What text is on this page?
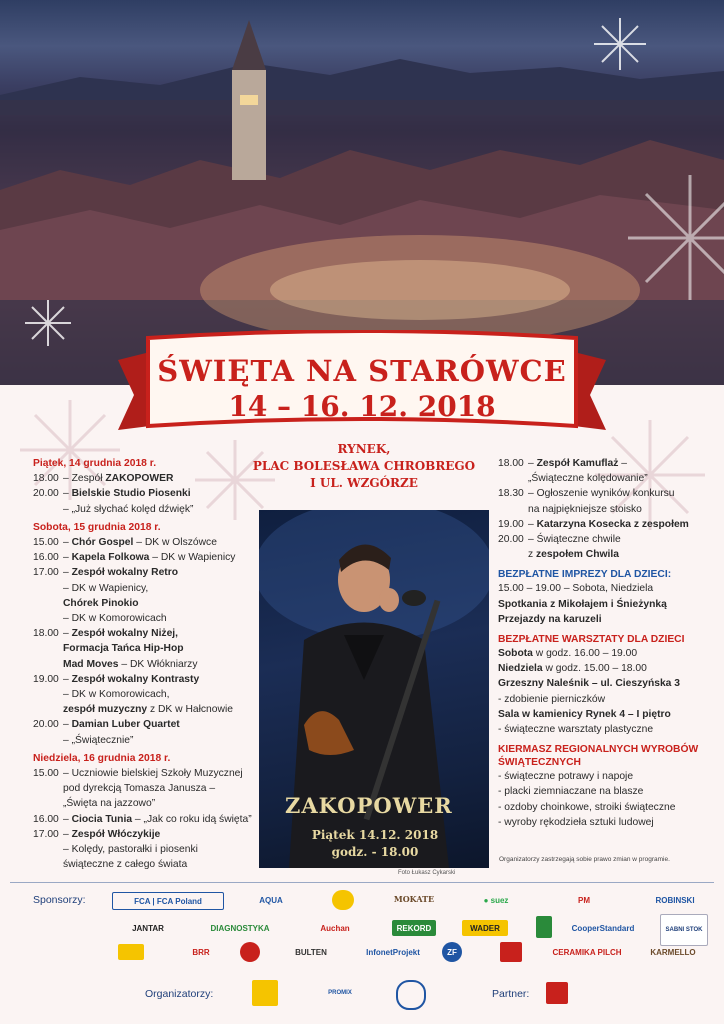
ŚWIĘTA NA STARÓWCE
14 – 16. 12. 2018
RYNEK,
PLAC BOLESŁAWA CHROBREGO
I UL. WZGÓRZE
Piątek, 14 grudnia 2018 r.
18.00 – Zespół ZAKOPOWER
20.00 – Bielskie Studio Piosenki
– „Już słychać kolęd dźwięk”
Sobota, 15 grudnia 2018 r.
15.00 – Chór Gospel – DK w Olszówce
16.00 – Kapela Folkowa – DK w Wapienicy
17.00 – Zespół wokalny Retro
– DK w Wapienicy,
Chórek Pinokio
– DK w Komorowicach
18.00 – Zespół wokalny Niżej,
Formacja Tańca Hip-Hop
Mad Moves – DK Włókniarzy
19.00 – Zespół wokalny Kontrasty
– DK w Komorowicach,
zespół muzyczny z DK w Hałcnowie
20.00 – Damian Luber Quartet
– „Świątecznie”
Niedziela, 16 grudnia 2018 r.
15.00 – Uczniowie bielskiej Szkoły Muzycznej
pod dyrekcją Tomasza Janusza –
„Święta na jazzowo”
16.00 – Ciocia Tunia – „Jak co roku idą święta”
17.00 – Zespół Włóczykije
– Kolędy, pastorałki i piosenki
świąteczne z całego świata
18.00 – Zespół Kamuflaż –
„Świąteczne kolędowanie”
18.30 – Ogłoszenie wyników konkursu
na najpiękniejsze stoisko
19.00 – Katarzyna Kosecka z zespołem
20.00 – Świąteczne chwile
z zespołem Chwila
BEZPŁATNE IMPREZY DLA DZIECI:
15.00 – 19.00 – Sobota, Niedziela
Spotkania z Mikołajem i Śnieżynką
Przejazdy na karuzeli
BEZPŁATNE WARSZTATY DLA DZIECI
Sobota w godz. 16.00 – 19.00
Niedziela w godz. 15.00 – 18.00
Grzeszny Naleśnik – ul. Cieszyńska 3
- zdobienie pierniczków
Sala w kamienicy Rynek 4 – I piętro
- świąteczne warsztaty plastyczne
KIERMASZ REGIONALNYCH WYROBÓW ŚWIĄTECZNYCH
- świąteczne potrawy i napoje
- placki ziemniaczane na blasze
- ozdoby choinkowe, stroiki świąteczne
- wyroby rękodzieła sztuki ludowej
ZAKOPOWER
Piątek 14.12. 2018
godz. - 18.00
Foto Łukasz Cykarski
Organizatorzy zastrzegają sobie prawo zmian w programie.
Sponsorzy:	FCA | FCA Poland	AQUA	MOKATE	● suez	PM	ROBINSKI
JANTAR	DIAGNOSTYKA	Auchan	REKORD	WADER	CooperStandard	SABNI STOK
BRR	BULTEN	InfonetProjekt	ZF	CERAMIKA PILCH	KARMELLO
Organizatorzy:	PROMIX	Partner:
